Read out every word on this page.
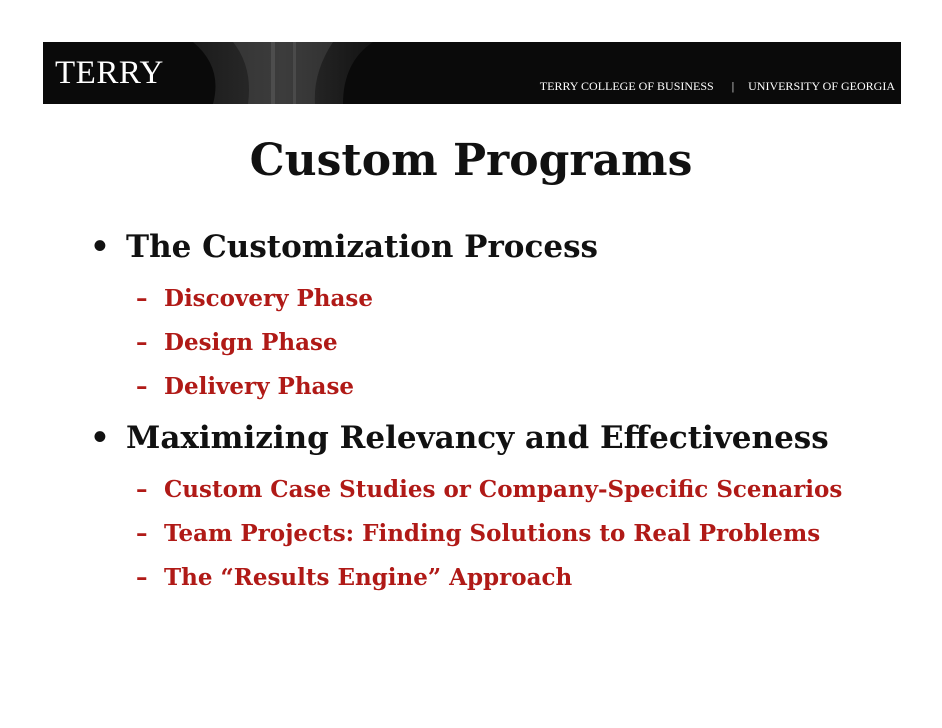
TERRY	TERRY COLLEGE OF BUSINESS | UNIVERSITY OF GEORGIA
Custom Programs
• The Customization Process
– Discovery Phase
– Design Phase
– Delivery Phase
• Maximizing Relevancy and Effectiveness
– Custom Case Studies or Company-Specific Scenarios
– Team Projects: Finding Solutions to Real Problems
– The “Results Engine” Approach
